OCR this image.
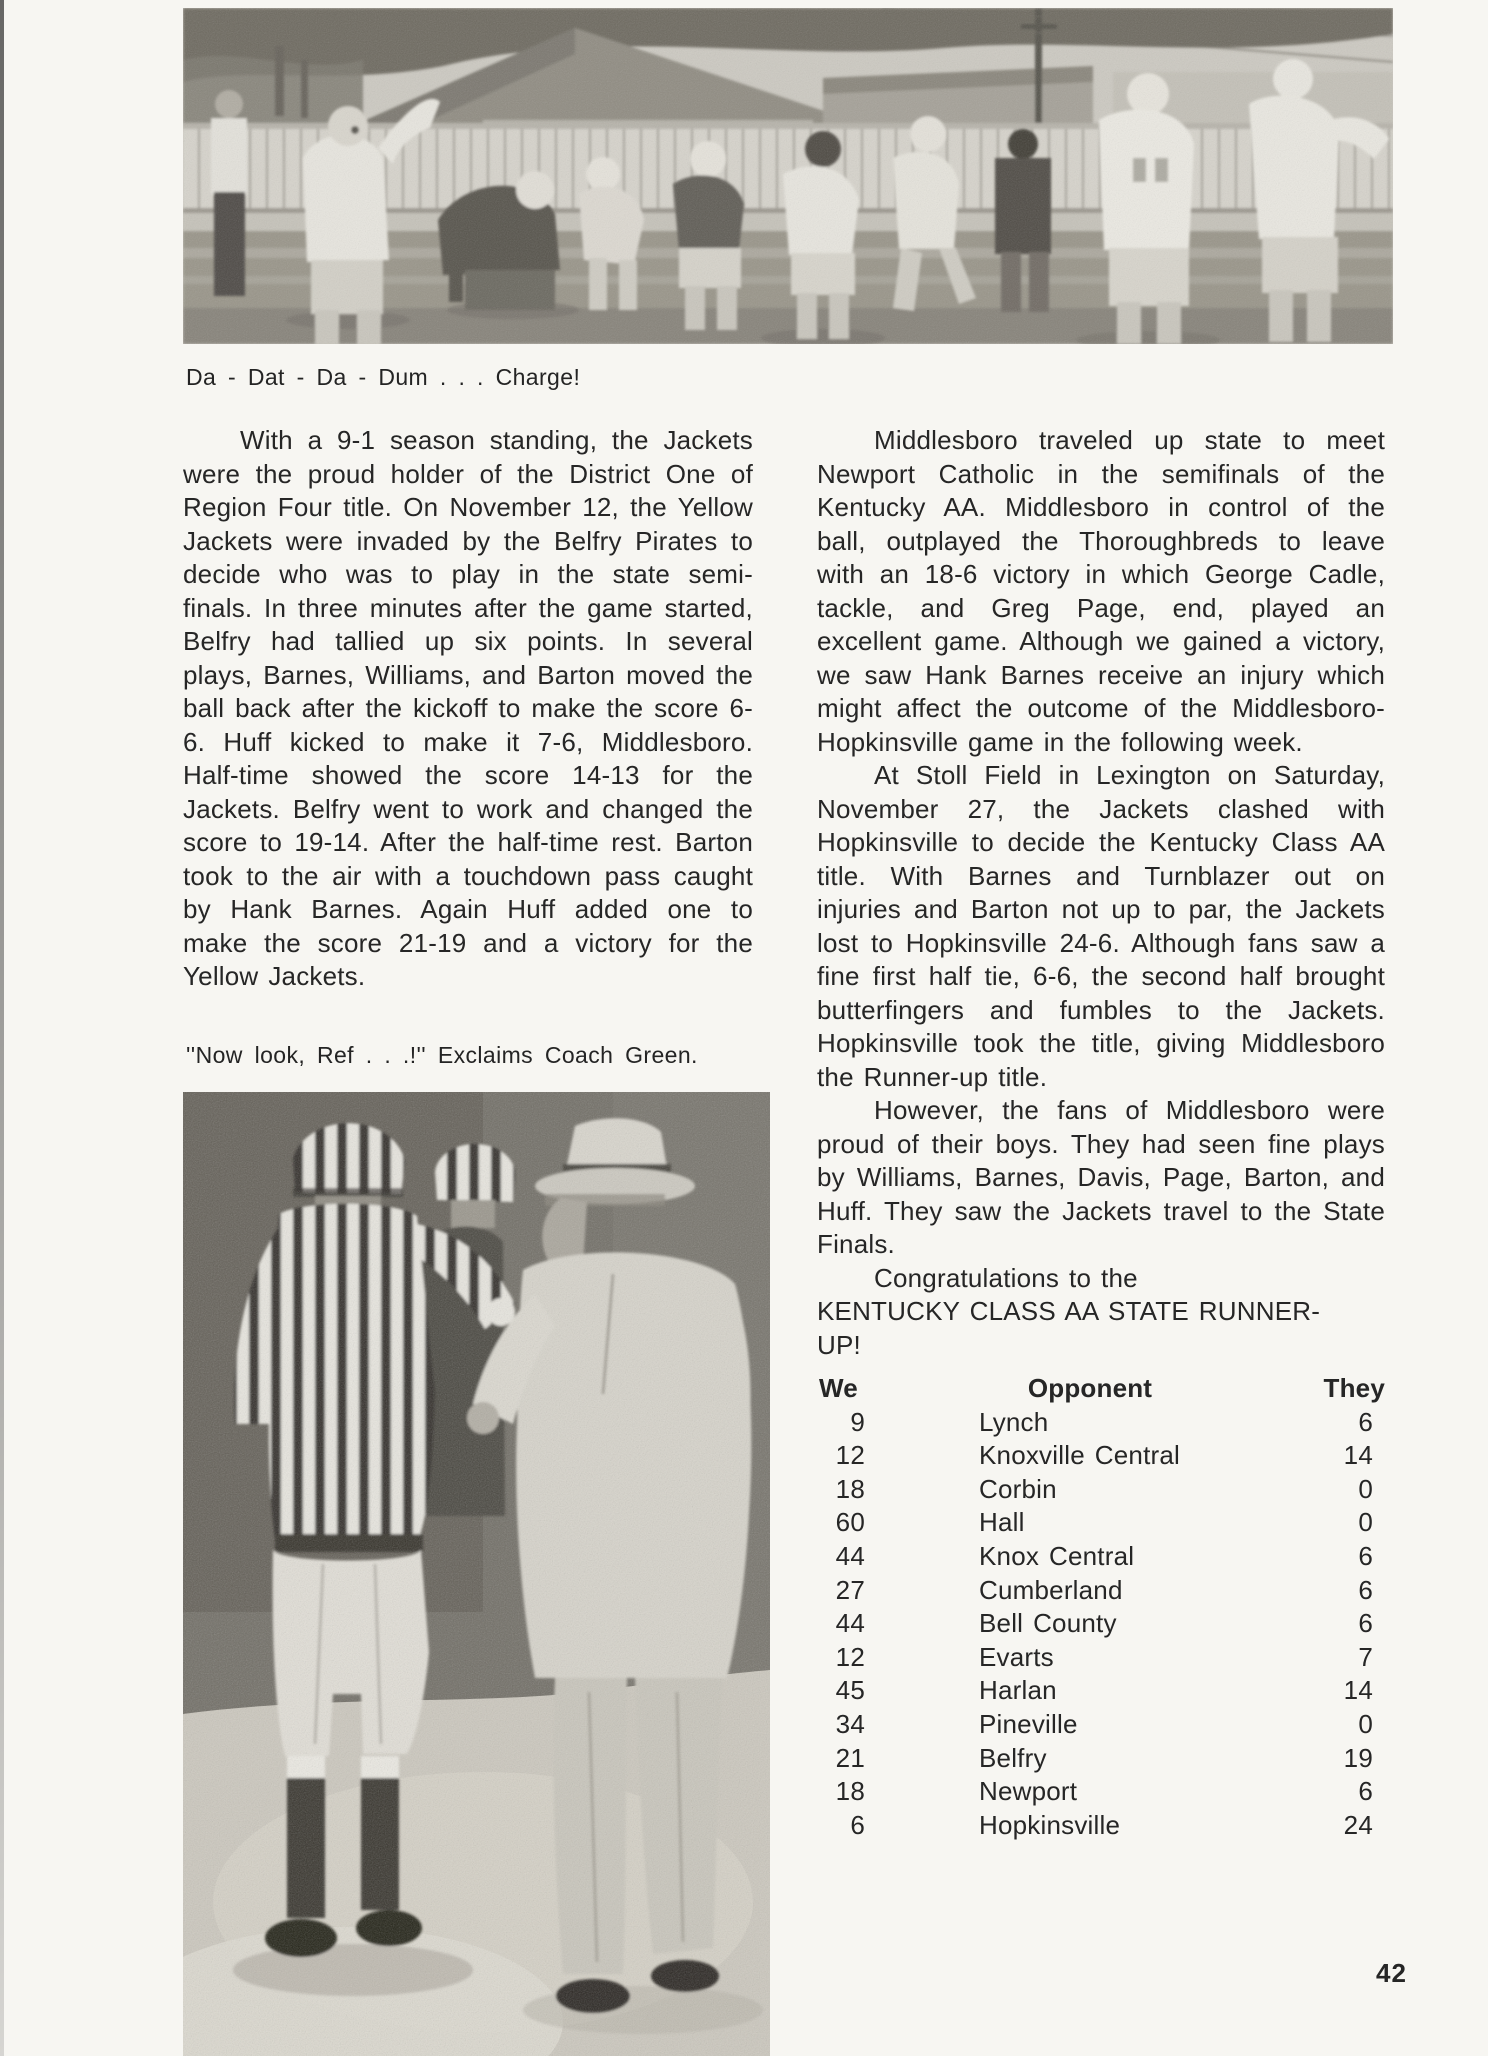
Da - Dat - Da - Dum . . . Charge!

With a 9-1 season standing, the Jackets were the proud holder of the District One of Region Four title. On November 12, the Yellow Jackets were invaded by the Belfry Pirates to decide who was to play in the state semi-finals. In three minutes after the game started, Belfry had tallied up six points. In several plays, Barnes, Williams, and Barton moved the ball back after the kickoff to make the score 6-6. Huff kicked to make it 7-6, Middlesboro. Half-time showed the score 14-13 for the Jackets. Belfry went to work and changed the score to 19-14. After the half-time rest. Barton took to the air with a touchdown pass caught by Hank Barnes. Again Huff added one to make the score 21-19 and a victory for the Yellow Jackets.

''Now look, Ref . . .!'' Exclaims Coach Green.

Middlesboro traveled up state to meet Newport Catholic in the semifinals of the Kentucky AA. Middlesboro in control of the ball, outplayed the Thoroughbreds to leave with an 18-6 victory in which George Cadle, tackle, and Greg Page, end, played an excellent game. Although we gained a victory, we saw Hank Barnes receive an injury which might affect the outcome of the Middlesboro-Hopkinsville game in the following week.

At Stoll Field in Lexington on Saturday, November 27, the Jackets clashed with Hopkinsville to decide the Kentucky Class AA title. With Barnes and Turnblazer out on injuries and Barton not up to par, the Jackets lost to Hopkinsville 24-6. Although fans saw a fine first half tie, 6-6, the second half brought butterfingers and fumbles to the Jackets. Hopkinsville took the title, giving Middlesboro the Runner-up title.

However, the fans of Middlesboro were proud of their boys. They had seen fine plays by Williams, Barnes, Davis, Page, Barton, and Huff. They saw the Jackets travel to the State Finals.

Congratulations to the
KENTUCKY CLASS AA STATE RUNNER-
UP!
We	Opponent	They
9	Lynch	6
12	Knoxville Central	14
18	Corbin	0
60	Hall	0
44	Knox Central	6
27	Cumberland	6
44	Bell County	6
12	Evarts	7
45	Harlan	14
34	Pineville	0
21	Belfry	19
18	Newport	6
6	Hopkinsville	24
42
